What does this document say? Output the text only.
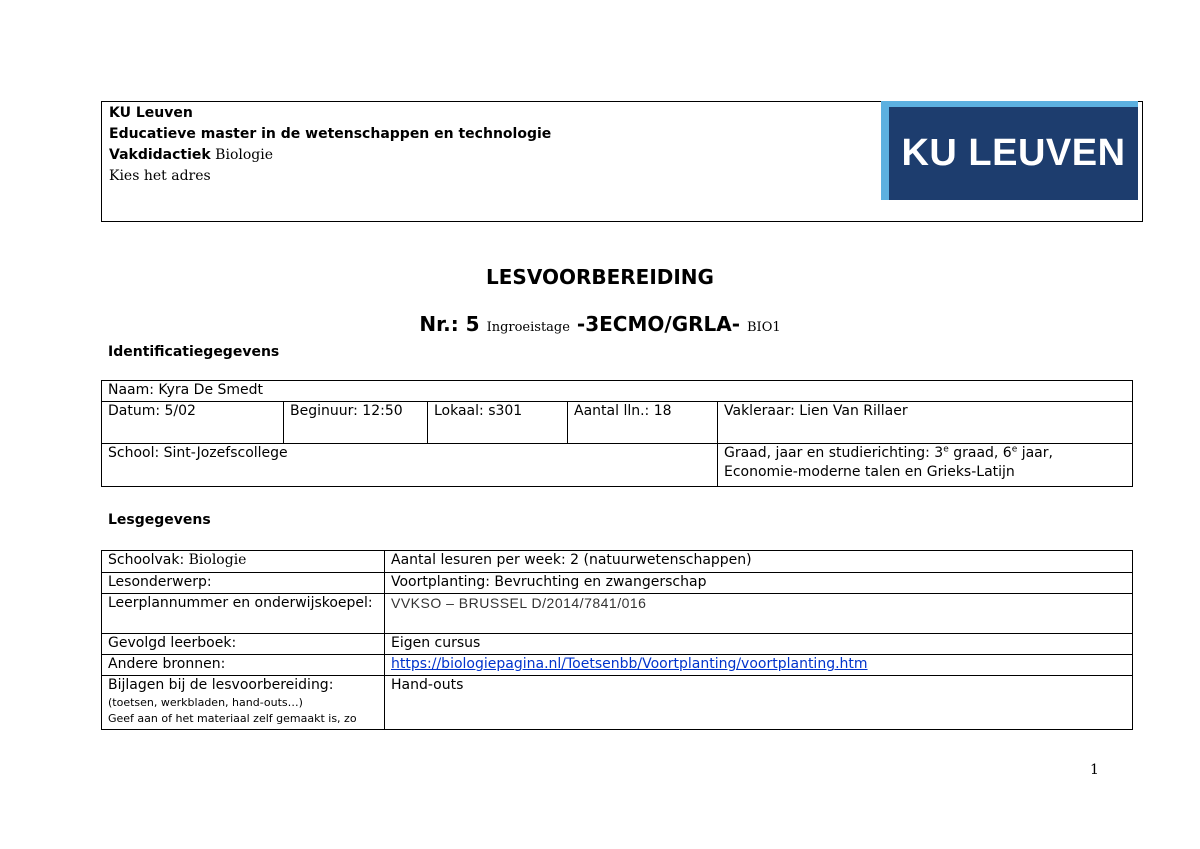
KU Leuven
Educatieve master in de wetenschappen en technologie
Vakdidactiek Biologie
Kies het adres
KU LEUVEN
LESVOORBEREIDING
Nr.: 5 Ingroeistage -3ECMO/GRLA- BIO1
Identificatiegegevens
Naam: Kyra De Smedt				
Datum: 5/02	Beginuur: 12:50	Lokaal: s301	Aantal lln.: 18	Vakleraar: Lien Van Rillaer
School: Sint-Jozefscollege				Graad, jaar en studierichting: 3e graad, 6e jaar,
Economie-moderne talen en Grieks-Latijn
Lesgegevens
Schoolvak: Biologie	Aantal lesuren per week: 2 (natuurwetenschappen)
Lesonderwerp:	Voortplanting: Bevruchting en zwangerschap
Leerplannummer en onderwijskoepel:	VVKSO – BRUSSEL D/2014/7841/016
Gevolgd leerboek:	Eigen cursus
Andere bronnen:	https://biologiepagina.nl/Toetsenbb/Voortplanting/voortplanting.htm

Bijlagen bij de lesvoorbereiding:
(toetsen, werkbladen, hand-outs…)
Geef aan of het materiaal zelf gemaakt is, zo	Hand-outs
1
